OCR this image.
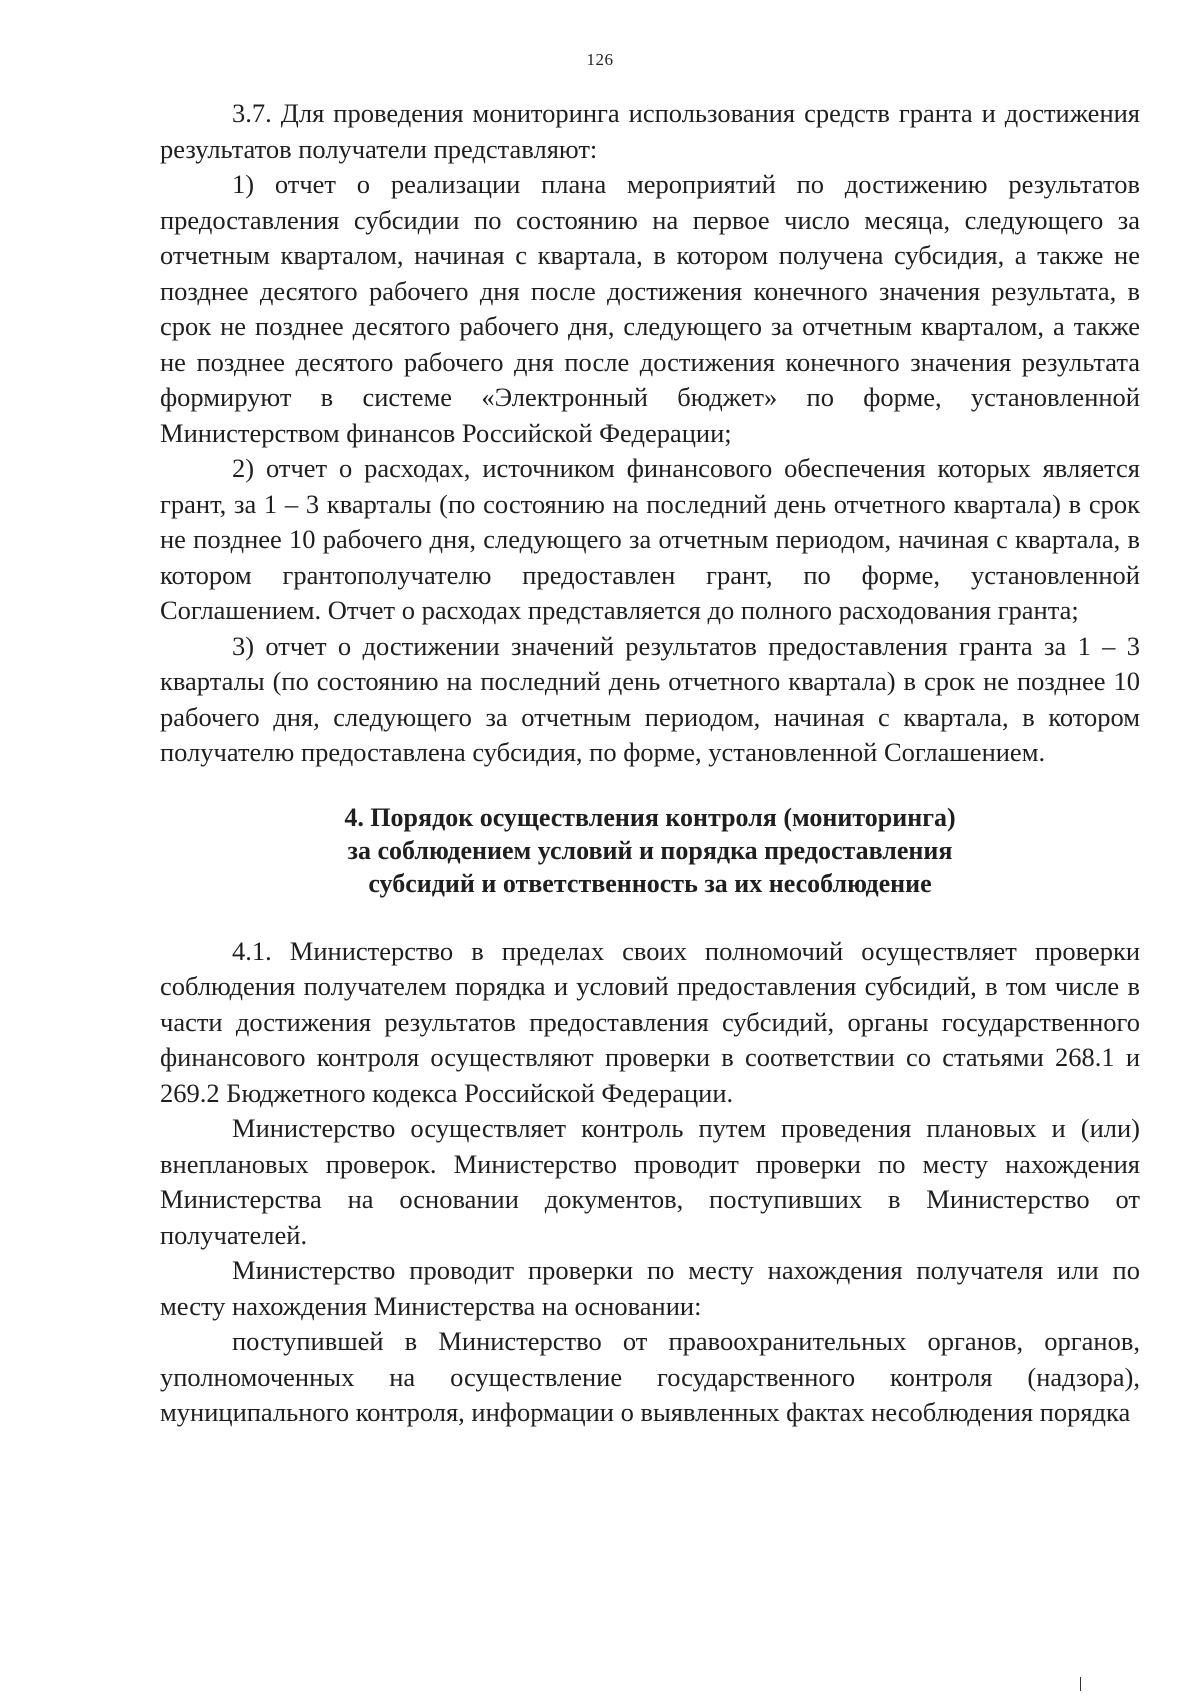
126

3.7. Для проведения мониторинга использования средств гранта и достижения результатов получатели представляют:

1) отчет о реализации плана мероприятий по достижению результатов предоставления субсидии по состоянию на первое число месяца, следующего за отчетным кварталом, начиная с квартала, в котором получена субсидия, а также не позднее десятого рабочего дня после достижения конечного значения результата, в срок не позднее десятого рабочего дня, следующего за отчетным кварталом, а также не позднее десятого рабочего дня после достижения конечного значения результата формируют в системе «Электронный бюджет» по форме, установленной Министерством финансов Российской Федерации;

2) отчет о расходах, источником финансового обеспечения которых является грант, за 1 – 3 кварталы (по состоянию на последний день отчетного квартала) в срок не позднее 10 рабочего дня, следующего за отчетным периодом, начиная с квартала, в котором грантополучателю предоставлен грант, по форме, установленной Соглашением. Отчет о расходах представляется до полного расходования гранта;

3) отчет о достижении значений результатов предоставления гранта за 1 – 3 кварталы (по состоянию на последний день отчетного квартала) в срок не позднее 10 рабочего дня, следующего за отчетным периодом, начиная с квартала, в котором получателю предоставлена субсидия, по форме, установленной Соглашением.

4. Порядок осуществления контроля (мониторинга)
за соблюдением условий и порядка предоставления
субсидий и ответственность за их несоблюдение

4.1. Министерство в пределах своих полномочий осуществляет проверки соблюдения получателем порядка и условий предоставления субсидий, в том числе в части достижения результатов предоставления субсидий, органы государственного финансового контроля осуществляют проверки в соответствии со статьями 268.1 и 269.2 Бюджетного кодекса Российской Федерации.

Министерство осуществляет контроль путем проведения плановых и (или) внеплановых проверок. Министерство проводит проверки по месту нахождения Министерства на основании документов, поступивших в Министерство от получателей.

Министерство проводит проверки по месту нахождения получателя или по месту нахождения Министерства на основании:

поступившей в Министерство от правоохранительных органов, органов, уполномоченных на осуществление государственного контроля (надзора), муниципального контроля, информации о выявленных фактах несоблюдения порядка
